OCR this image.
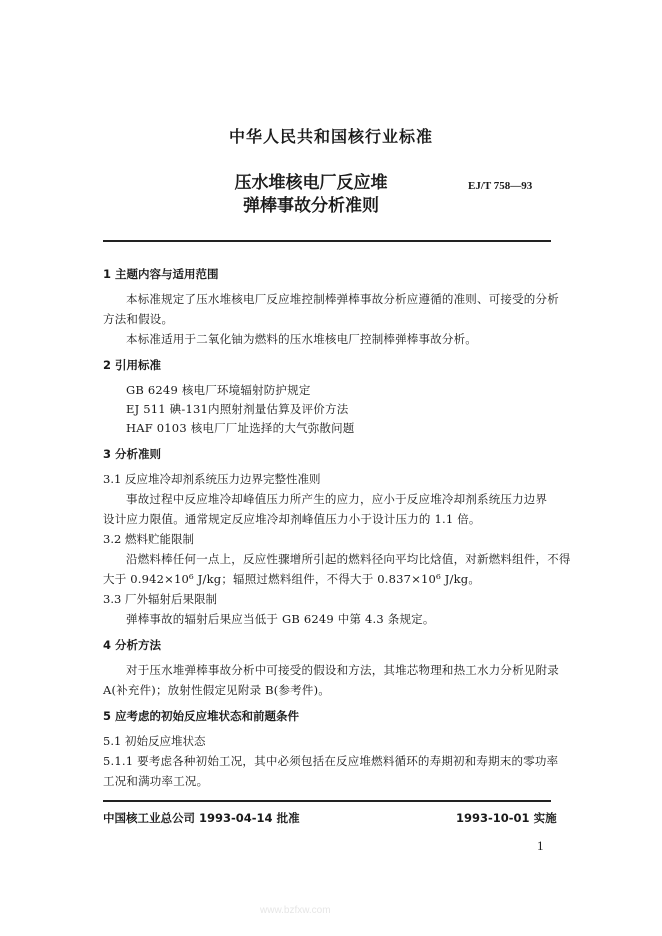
中华人民共和国核行业标准
压水堆核电厂反应堆
弹棒事故分析准则
EJ/T 758—93
1 主题内容与适用范围
本标准规定了压水堆核电厂反应堆控制棒弹棒事故分析应遵循的准则、可接受的分析
方法和假设。
本标准适用于二氧化铀为燃料的压水堆核电厂控制棒弹棒事故分析。
2 引用标准
GB 6249 核电厂环境辐射防护规定
EJ 511 碘-131内照射剂量估算及评价方法
HAF 0103 核电厂厂址选择的大气弥散问题
3 分析准则
3.1 反应堆冷却剂系统压力边界完整性准则
事故过程中反应堆冷却峰值压力所产生的应力，应小于反应堆冷却剂系统压力边界
设计应力限值。通常规定反应堆冷却剂峰值压力小于设计压力的 1.1 倍。
3.2 燃料贮能限制
沿燃料棒任何一点上，反应性骤增所引起的燃料径向平均比焓值，对新燃料组件，不得
大于 0.942×10⁶ J/kg；辐照过燃料组件，不得大于 0.837×10⁶ J/kg。
3.3 厂外辐射后果限制
弹棒事故的辐射后果应当低于 GB 6249 中第 4.3 条规定。
4 分析方法
对于压水堆弹棒事故分析中可接受的假设和方法，其堆芯物理和热工水力分析见附录
A(补充件)；放射性假定见附录 B(参考件)。
5 应考虑的初始反应堆状态和前题条件
5.1 初始反应堆状态
5.1.1 要考虑各种初始工况，其中必须包括在反应堆燃料循环的寿期初和寿期末的零功率
工况和满功率工况。
中国核工业总公司 1993-04-14 批准	1993-10-01 实施
1
www.bzfxw.com
